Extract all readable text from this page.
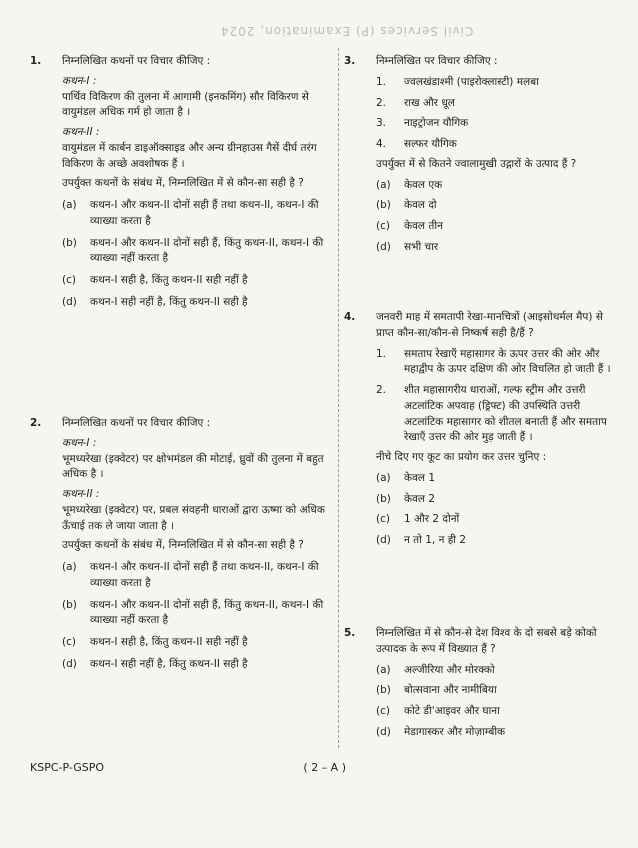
Civil Services (P) Examination, 2024
1.	निम्नलिखित कथनों पर विचार कीजिए :

कथन-I :

पार्थिव विकिरण की तुलना में आगामी (इनकमिंग) सौर विकिरण से वायुमंडल अधिक गर्म हो जाता है ।

कथन-II :

वायुमंडल में कार्बन डाइऑक्साइड और अन्य ग्रीनहाउस गैसें दीर्घ तरंग विकिरण के अच्छे अवशोषक हैं ।

उपर्युक्त कथनों के संबंध में, निम्नलिखित में से कौन-सा सही है ?

(a)	कथन-I और कथन-II दोनों सही हैं तथा कथन-II, कथन-I की व्याख्या करता है
(b)	कथन-I और कथन-II दोनों सही हैं, किंतु कथन-II, कथन-I की व्याख्या नहीं करता है
(c)	कथन-I सही है, किंतु कथन-II सही नहीं है
(d)	कथन-I सही नहीं है, किंतु कथन-II सही है
2.	निम्नलिखित कथनों पर विचार कीजिए :

कथन-I :

भूमध्यरेखा (इक्वेटर) पर क्षोभमंडल की मोटाई, ध्रुवों की तुलना में बहुत अधिक है ।

कथन-II :

भूमध्यरेखा (इक्वेटर) पर, प्रबल संवहनी धाराओं द्वारा ऊष्मा को अधिक ऊँचाई तक ले जाया जाता है ।

उपर्युक्त कथनों के संबंध में, निम्नलिखित में से कौन-सा सही है ?

(a)	कथन-I और कथन-II दोनों सही हैं तथा कथन-II, कथन-I की व्याख्या करता है
(b)	कथन-I और कथन-II दोनों सही हैं, किंतु कथन-II, कथन-I की व्याख्या नहीं करता है
(c)	कथन-I सही है, किंतु कथन-II सही नहीं है
(d)	कथन-I सही नहीं है, किंतु कथन-II सही है
3.	निम्नलिखित पर विचार कीजिए :

1.	ज्वलखंडाश्मी (पाइरोक्लास्टी) मलबा
2.	राख और धूल
3.	नाइट्रोजन यौगिक
4.	सल्फर यौगिक

उपर्युक्त में से कितने ज्वालामुखी उद्गारों के उत्पाद हैं ?

(a)	केवल एक
(b)	केवल दो
(c)	केवल तीन
(d)	सभी चार
4.	जनवरी माह में समतापी रेखा-मानचित्रों (आइसोथर्मल मैप) से प्राप्त कौन-सा/कौन-से निष्कर्ष सही है/हैं ?

1.	समताप रेखाएँ महासागर के ऊपर उत्तर की ओर और महाद्वीप के ऊपर दक्षिण की ओर विचलित हो जाती हैं ।
2.	शीत महासागरीय धाराओं, गल्फ स्ट्रीम और उत्तरी अटलांटिक अपवाह (ड्रिफ्ट) की उपस्थिति उत्तरी अटलांटिक महासागर को शीतल बनाती हैं और समताप रेखाएँ उत्तर की ओर मुड़ जाती हैं ।

नीचे दिए गए कूट का प्रयोग कर उत्तर चुनिए :

(a)	केवल 1
(b)	केवल 2
(c)	1 और 2 दोनों
(d)	न तो 1, न ही 2
5.	निम्नलिखित में से कौन-से देश विश्व के दो सबसे बड़े कोको उत्पादक के रूप में विख्यात हैं ?

(a)	अल्जीरिया और मोरक्को
(b)	बोत्सवाना और नामीबिया
(c)	कोटे डी'आइवर और घाना
(d)	मेडागास्कर और मोज़ाम्बीक
KSPC-P-GSPO	( 2 – A )
